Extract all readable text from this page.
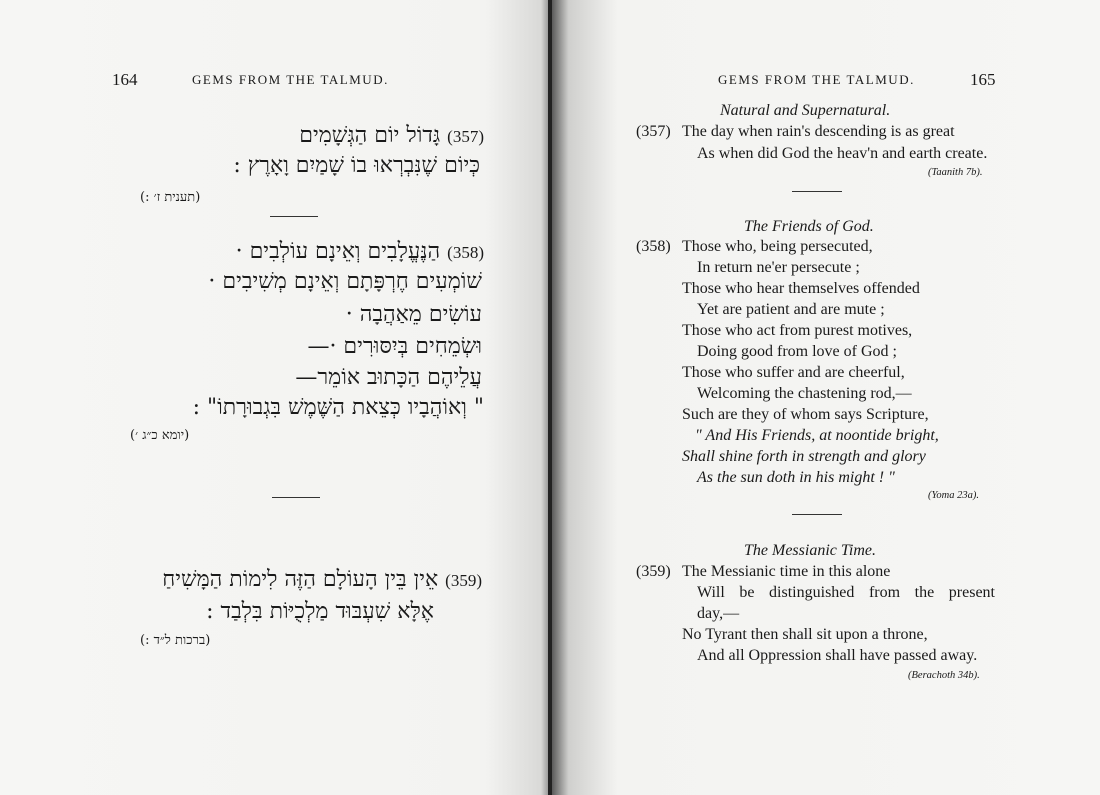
164	GEMS FROM THE TALMUD.
(357) גָּדוֹל יוֹם הַגְּשָׁמִים
כְּיוֹם שֶׁנִּבְרְאוּ בוֹ שָׁמַיִם וָאָרֶץ :
(תענית ז׳ :)
(358) הַנֶּעֱלָבִים וְאֵינָם עוֹלְבִים ·
שׁוֹמְעִים חֶרְפָּתָם וְאֵינָם מְשִׁיבִים ·
עוֹשִׂים מֵאַהֲבָה ·
וּשְׂמֵחִים בְּיִסּוּרִים ·—
עֲלֵיהֶם הַכָּתוּב אוֹמֵר—
" וְאוֹהֲבָיו כְּצֵאת הַשֶּׁמֶשׁ בִּגְבוּרָתוֹ" :
(יומא כ״ג ׳)
(359) אֵין בֵּין הָעוֹלָם הַזֶּה לִימוֹת הַמָּשִׁיחַ
אֶלָּא שִׁעְבּוּד מַלְכֻיּוֹת בִּלְבַד :
(ברכות ל״ד :)
GEMS FROM THE TALMUD.	165
Natural and Supernatural.
(357) The day when rain's descending is as great
As when did God the heav'n and earth create.
(Taanith 7b).
The Friends of God.
(358) Those who, being persecuted,
In return ne'er persecute ;
Those who hear themselves offended
Yet are patient and are mute ;
Those who act from purest motives,
Doing good from love of God ;
Those who suffer and are cheerful,
Welcoming the chastening rod,—
Such are they of whom says Scripture,
" And His Friends, at noontide bright,
Shall shine forth in strength and glory
As the sun doth in his might ! "
(Yoma 23a).
The Messianic Time.
(359) The Messianic time in this alone
Will be distinguished from the present
day,—
No Tyrant then shall sit upon a throne,
And all Oppression shall have passed away.
(Berachoth 34b).
